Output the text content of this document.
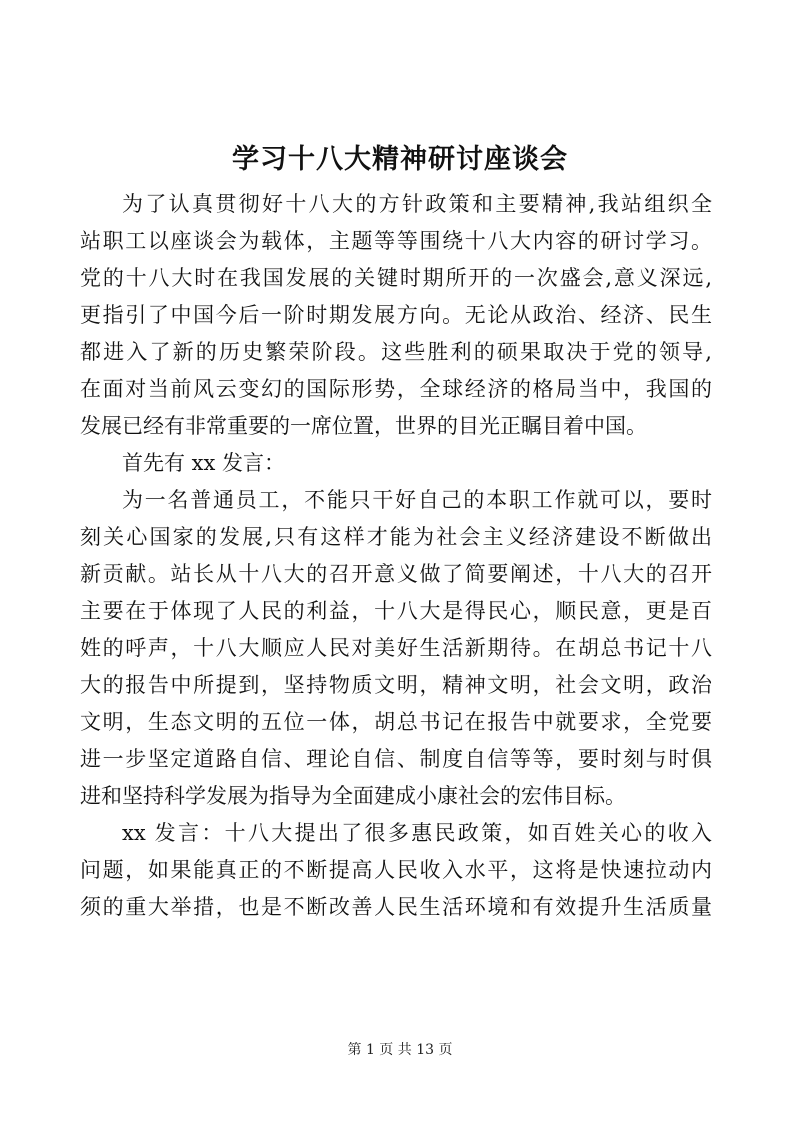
学习十八大精神研讨座谈会
为了认真贯彻好十八大的方针政策和主要精神,我站组织全
站职工以座谈会为载体，主题等等围绕十八大内容的研讨学习。
党的十八大时在我国发展的关键时期所开的一次盛会,意义深远,
更指引了中国今后一阶时期发展方向。无论从政治、经济、民生
都进入了新的历史繁荣阶段。这些胜利的硕果取决于党的领导,
在面对当前风云变幻的国际形势，全球经济的格局当中，我国的
发展已经有非常重要的一席位置，世界的目光正瞩目着中国。
首先有 xx 发言：
为一名普通员工，不能只干好自己的本职工作就可以，要时
刻关心国家的发展,只有这样才能为社会主义经济建设不断做出
新贡献。站长从十八大的召开意义做了简要阐述，十八大的召开
主要在于体现了人民的利益，十八大是得民心，顺民意，更是百
姓的呼声，十八大顺应人民对美好生活新期待。在胡总书记十八
大的报告中所提到，坚持物质文明，精神文明，社会文明，政治
文明，生态文明的五位一体，胡总书记在报告中就要求，全党要
进一步坚定道路自信、理论自信、制度自信等等，要时刻与时俱
进和坚持科学发展为指导为全面建成小康社会的宏伟目标。
xx 发言：十八大提出了很多惠民政策，如百姓关心的收入
问题，如果能真正的不断提高人民收入水平，这将是快速拉动内
须的重大举措，也是不断改善人民生活环境和有效提升生活质量
第 1 页 共 13 页
